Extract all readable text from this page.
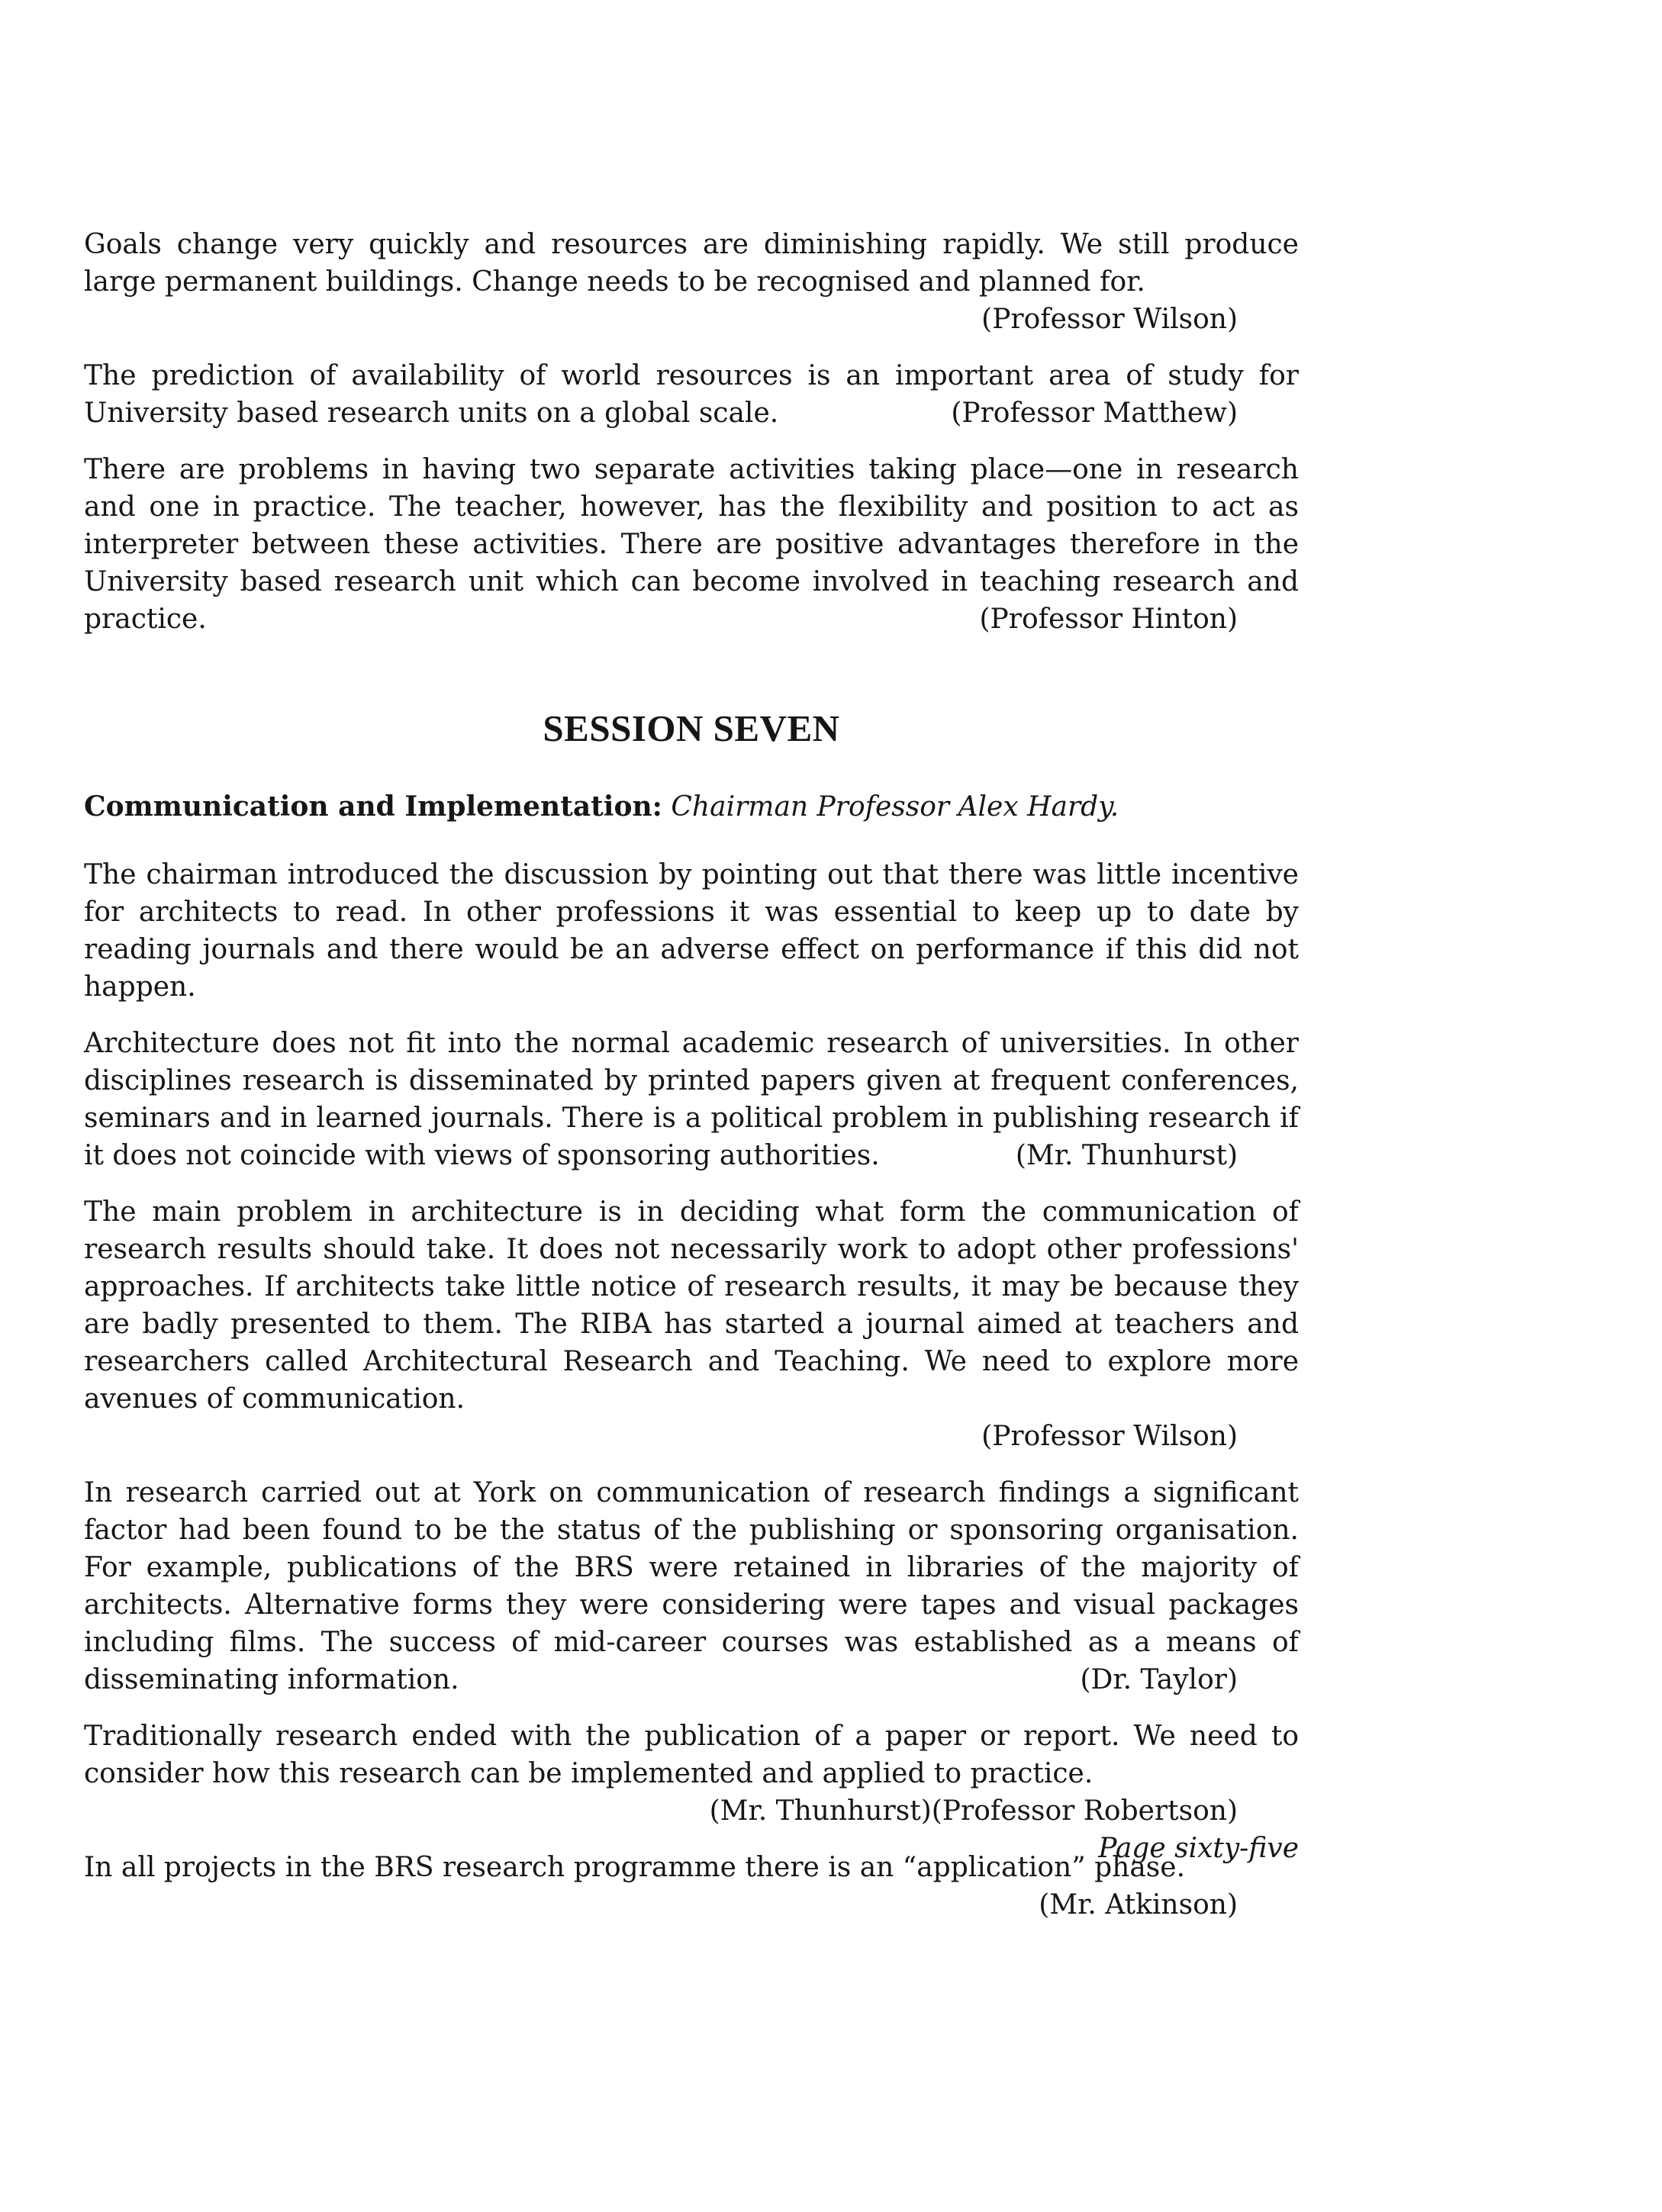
Goals change very quickly and resources are diminishing rapidly. We still produce large permanent buildings. Change needs to be recognised and planned for.

(Professor Wilson)

The prediction of availability of world resources is an important area of study for University based research units on a global scale.	(Professor Matthew)

There are problems in having two separate activities taking place—one in research and one in practice. The teacher, however, has the flexibility and position to act as interpreter between these activities. There are positive advantages therefore in the University based research unit which can become involved in teaching research and practice.	(Professor Hinton)

SESSION SEVEN
Communication and Implementation: Chairman Professor Alex Hardy.

The chairman introduced the discussion by pointing out that there was little incentive for architects to read. In other professions it was essential to keep up to date by reading journals and there would be an adverse effect on performance if this did not happen.

Architecture does not fit into the normal academic research of universities. In other disciplines research is disseminated by printed papers given at frequent conferences, seminars and in learned journals. There is a political problem in publishing research if it does not coincide with views of sponsoring authorities.	(Mr. Thunhurst)

The main problem in architecture is in deciding what form the communication of research results should take. It does not necessarily work to adopt other professions' approaches. If architects take little notice of research results, it may be because they are badly presented to them. The RIBA has started a journal aimed at teachers and researchers called Architectural Research and Teaching. We need to explore more avenues of communication.

(Professor Wilson)

In research carried out at York on communication of research findings a significant factor had been found to be the status of the publishing or sponsoring organisation. For example, publications of the BRS were retained in libraries of the majority of architects. Alternative forms they were considering were tapes and visual packages including films. The success of mid-career courses was established as a means of disseminating information.	(Dr. Taylor)

Traditionally research ended with the publication of a paper or report. We need to consider how this research can be implemented and applied to practice.
(Professor Robertson)

(Mr. Thunhurst)

In all projects in the BRS research programme there is an “application” phase.

(Mr. Atkinson)
Page sixty-five
